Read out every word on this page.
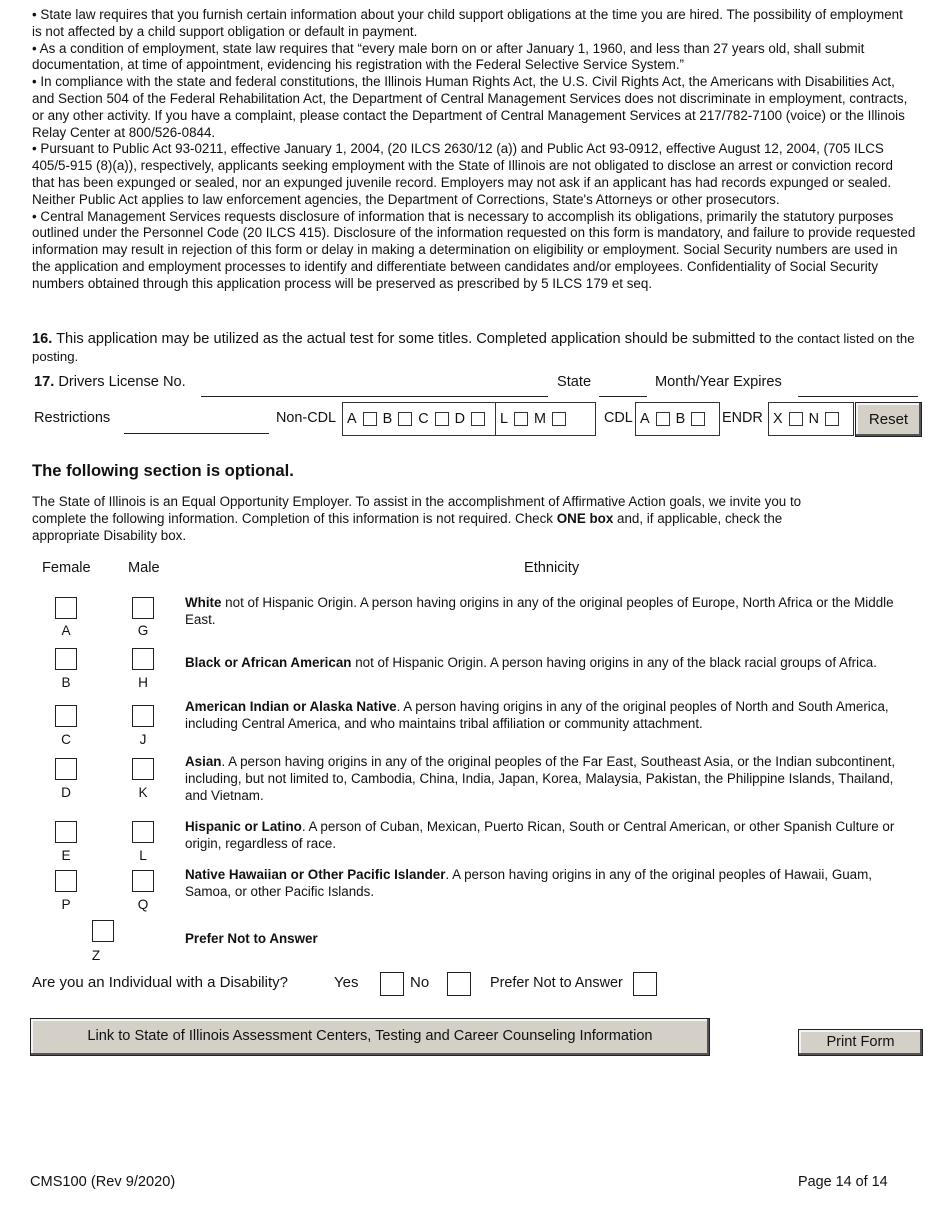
• State law requires that you furnish certain information about your child support obligations at the time you are hired. The possibility of employment is not affected by a child support obligation or default in payment.

• As a condition of employment, state law requires that “every male born on or after January 1, 1960, and less than 27 years old, shall submit documentation, at time of appointment, evidencing his registration with the Federal Selective Service System.”

• In compliance with the state and federal constitutions, the Illinois Human Rights Act, the U.S. Civil Rights Act, the Americans with Disabilities Act, and Section 504 of the Federal Rehabilitation Act, the Department of Central Management Services does not discriminate in employment, contracts, or any other activity. If you have a complaint, please contact the Department of Central Management Services at 217/782-7100 (voice) or the Illinois Relay Center at 800/526-0844.

• Pursuant to Public Act 93-0211, effective January 1, 2004, (20 ILCS 2630/12 (a)) and Public Act 93-0912, effective August 12, 2004, (705 ILCS 405/5-915 (8)(a)), respectively, applicants seeking employment with the State of Illinois are not obligated to disclose an arrest or conviction record that has been expunged or sealed, nor an expunged juvenile record. Employers may not ask if an applicant has had records expunged or sealed. Neither Public Act applies to law enforcement agencies, the Department of Corrections, State's Attorneys or other prosecutors.

• Central Management Services requests disclosure of information that is necessary to accomplish its obligations, primarily the statutory purposes outlined under the Personnel Code (20 ILCS 415). Disclosure of the information requested on this form is mandatory, and failure to provide requested information may result in rejection of this form or delay in making a determination on eligibility or employment. Social Security numbers are used in the application and employment processes to identify and differentiate between candidates and/or employees. Confidentiality of Social Security numbers obtained through this application process will be preserved as prescribed by 5 ILCS 179 et seq.

16. This application may be utilized as the actual test for some titles. Completed application should be submitted to the contact listed on the posting.
17. Drivers License No.	State	Month/Year Expires
Restrictions	Non-CDL A B C D L M	CDL A B	ENDR X N	Reset
The following section is optional.
The State of Illinois is an Equal Opportunity Employer. To assist in the accomplishment of Affirmative Action goals, we invite you to complete the following information. Completion of this information is not required. Check ONE box and, if applicable, check the appropriate Disability box.
Female	Male	Ethnicity
A	G
White not of Hispanic Origin. A person having origins in any of the original peoples of Europe, North Africa or the Middle East.
B	H
Black or African American not of Hispanic Origin. A person having origins in any of the black racial groups of Africa.
C	J
American Indian or Alaska Native. A person having origins in any of the original peoples of North and South America, including Central America, and who maintains tribal affiliation or community attachment.
D	K
Asian. A person having origins in any of the original peoples of the Far East, Southeast Asia, or the Indian subcontinent, including, but not limited to, Cambodia, China, India, Japan, Korea, Malaysia, Pakistan, the Philippine Islands, Thailand, and Vietnam.
E	L
Hispanic or Latino. A person of Cuban, Mexican, Puerto Rican, South or Central American, or other Spanish Culture or origin, regardless of race.
P	Q
Native Hawaiian or Other Pacific Islander. A person having origins in any of the original peoples of Hawaii, Guam, Samoa, or other Pacific Islands.
Z
Prefer Not to Answer
Are you an Individual with a Disability?	Yes	No	Prefer Not to Answer
Link to State of Illinois Assessment Centers, Testing and Career Counseling Information	Print Form
CMS100 (Rev 9/2020)	Page 14 of 14
